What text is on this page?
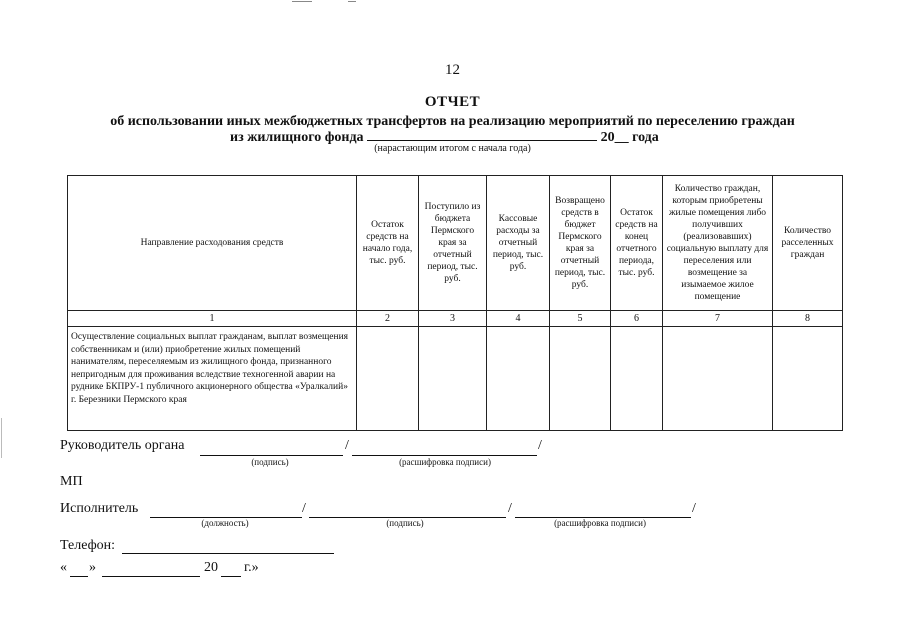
12
ОТЧЕТ
об использовании иных межбюджетных трансфертов на реализацию мероприятий по переселению граждан
из жилищного фонда	20__ года
(нарастающим итогом с начала года)
Направление расходования средств	Остаток средств на начало года, тыс. руб.	Поступило из бюджета Пермского края за отчетный период, тыс. руб.	Кассовые расходы за отчетный период, тыс. руб.	Возвращено средств в бюджет Пермского края за отчетный период, тыс. руб.	Остаток средств на конец отчетного периода, тыс. руб.	Количество граждан, которым приобретены жилые помещения либо получивших (реализовавших) социальную выплату для переселения или возмещение за изымаемое жилое помещение	Количество расселенных граждан
1	2	3	4	5	6	7	8
Осуществление социальных выплат гражданам, выплат возмещения собственникам и (или) приобретение жилых помещений нанимателям, переселяемым из жилищного фонда, признанного непригодным для проживания вследствие техногенной аварии на руднике БКПРУ-1 публичного акционерного общества «Уралкалий» г. Березники Пермского края							
Руководитель органа	/	/
(подпись)	(расшифровка подписи)
МП
Исполнитель	/	/	/
(должность)	(подпись)	(расшифровка подписи)
Телефон:
« »	20 г.»
